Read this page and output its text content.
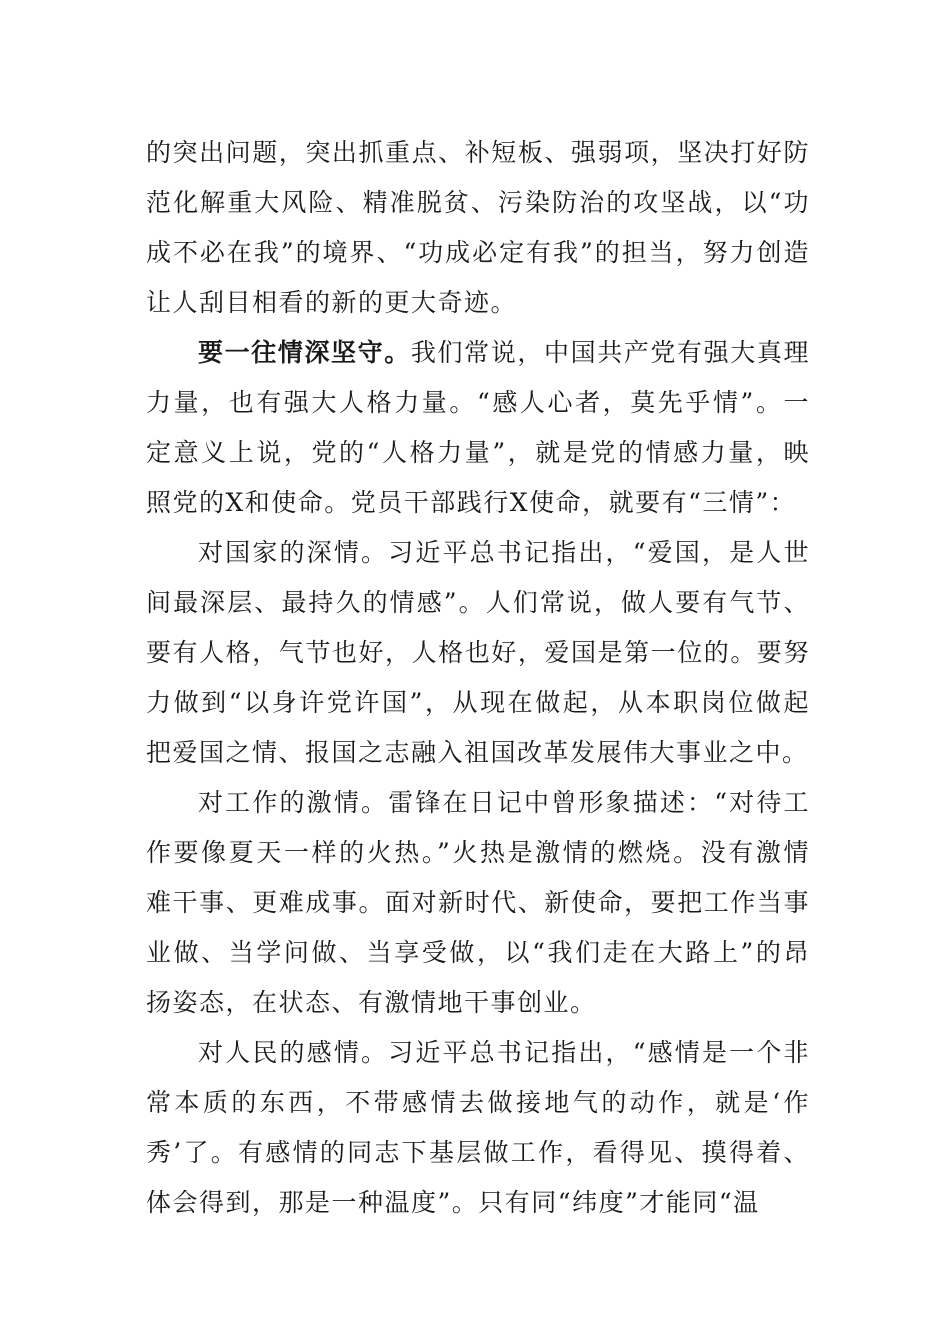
的突出问题，突出抓重点、补短板、强弱项，坚决打好防范化解重大风险、精准脱贫、污染防治的攻坚战，以“功成不必在我”的境界、“功成必定有我”的担当，努力创造让人刮目相看的新的更大奇迹。

要一往情深坚守。我们常说，中国共产党有强大真理力量，也有强大人格力量。“感人心者，莫先乎情”。一定意义上说，党的“人格力量”，就是党的情感力量，映照党的X和使命。党员干部践行X使命，就要有“三情”：

对国家的深情。习近平总书记指出，“爱国，是人世间最深层、最持久的情感”。人们常说，做人要有气节、要有人格，气节也好，人格也好，爱国是第一位的。要努力做到“以身许党许国”，从现在做起，从本职岗位做起把爱国之情、报国之志融入祖国改革发展伟大事业之中。

对工作的激情。雷锋在日记中曾形象描述：“对待工作要像夏天一样的火热。”火热是激情的燃烧。没有激情难干事、更难成事。面对新时代、新使命，要把工作当事业做、当学问做、当享受做，以“我们走在大路上”的昂扬姿态，在状态、有激情地干事创业。

对人民的感情。习近平总书记指出，“感情是一个非常本质的东西，不带感情去做接地气的动作，就是‘作秀’了。有感情的同志下基层做工作，看得见、摸得着、体会得到，那是一种温度”。只有同“纬度”才能同“温
